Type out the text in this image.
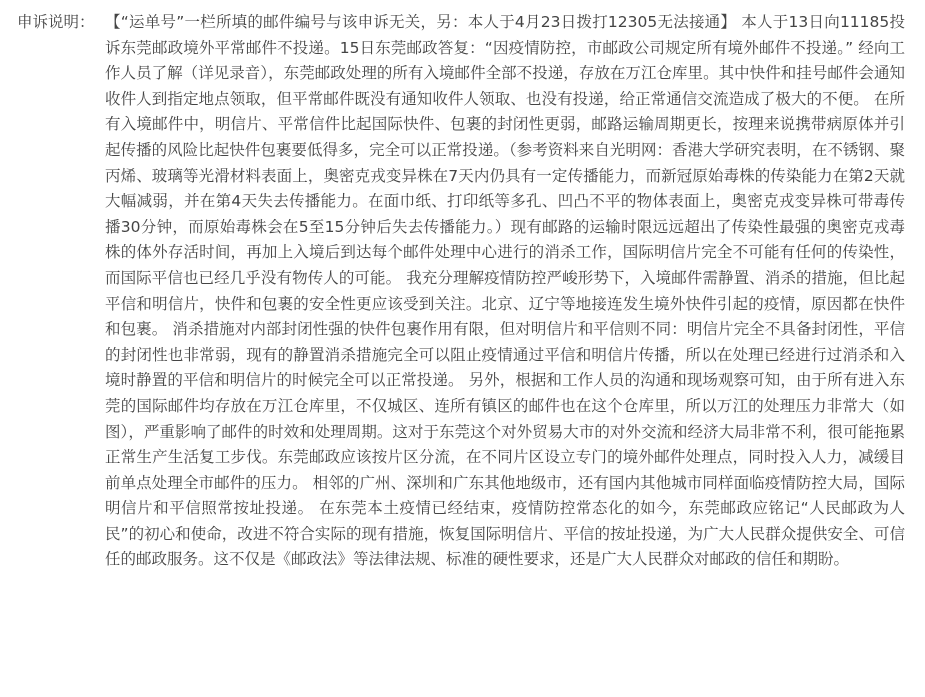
申诉说明： 【“运单号”一栏所填的邮件编号与该申诉无关，另：本人于4月23日拨打12305无法接通】 本人于13日向11185投诉东莞邮政境外平常邮件不投递。15日东莞邮政答复：“因疫情防控，市邮政公司规定所有境外邮件不投递。” 经向工作人员了解（详见录音），东莞邮政处理的所有入境邮件全部不投递，存放在万江仓库里。其中快件和挂号邮件会通知收件人到指定地点领取，但平常邮件既没有通知收件人领取、也没有投递，给正常通信交流造成了极大的不便。 在所有入境邮件中，明信片、平常信件比起国际快件、包裹的封闭性更弱，邮路运输周期更长，按理来说携带病原体并引起传播的风险比起快件包裹要低得多，完全可以正常投递。（参考资料来自光明网：香港大学研究表明，在不锈钢、聚丙烯、玻璃等光滑材料表面上，奥密克戎变异株在7天内仍具有一定传播能力，而新冠原始毒株的传染能力在第2天就大幅减弱，并在第4天失去传播能力。在面巾纸、打印纸等多孔、凹凸不平的物体表面上，奥密克戎变异株可带毒传播30分钟，而原始毒株会在5至15分钟后失去传播能力。）现有邮路的运输时限远远超出了传染性最强的奥密克戎毒株的体外存活时间，再加上入境后到达每个邮件处理中心进行的消杀工作，国际明信片完全不可能有任何的传染性，而国际平信也已经几乎没有物传人的可能。 我充分理解疫情防控严峻形势下，入境邮件需静置、消杀的措施，但比起平信和明信片，快件和包裹的安全性更应该受到关注。北京、辽宁等地接连发生境外快件引起的疫情，原因都在快件和包裹。 消杀措施对内部封闭性强的快件包裹作用有限，但对明信片和平信则不同：明信片完全不具备封闭性，平信的封闭性也非常弱，现有的静置消杀措施完全可以阻止疫情通过平信和明信片传播，所以在处理已经进行过消杀和入境时静置的平信和明信片的时候完全可以正常投递。 另外，根据和工作人员的沟通和现场观察可知，由于所有进入东莞的国际邮件均存放在万江仓库里，不仅城区、连所有镇区的邮件也在这个仓库里，所以万江的处理压力非常大（如图），严重影响了邮件的时效和处理周期。这对于东莞这个对外贸易大市的对外交流和经济大局非常不利，很可能拖累正常生产生活复工步伐。东莞邮政应该按片区分流，在不同片区设立专门的境外邮件处理点，同时投入人力，减缓目前单点处理全市邮件的压力。 相邻的广州、深圳和广东其他地级市，还有国内其他城市同样面临疫情防控大局，国际明信片和平信照常按址投递。 在东莞本土疫情已经结束，疫情防控常态化的如今，东莞邮政应铭记“人民邮政为人民”的初心和使命，改进不符合实际的现有措施，恢复国际明信片、平信的按址投递，为广大人民群众提供安全、可信任的邮政服务。这不仅是《邮政法》等法律法规、标准的硬性要求，还是广大人民群众对邮政的信任和期盼。
